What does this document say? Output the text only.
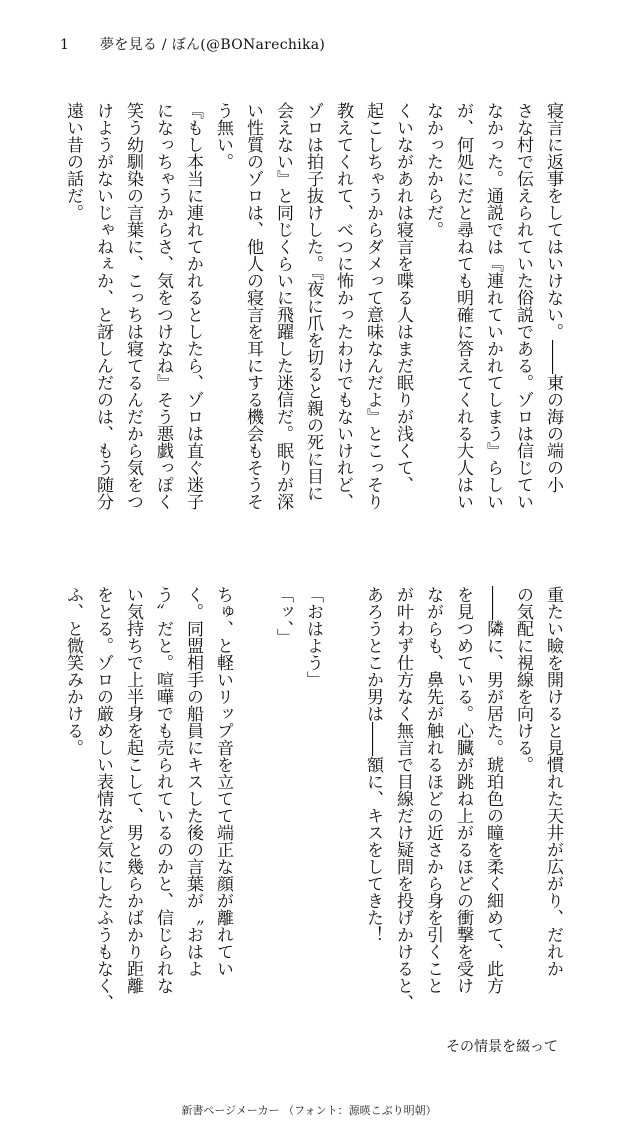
1 夢を見る / ぼん(@BONarechika)

寝言に返事をしてはいけない。――東の海の端の小

さな村で伝えられていた俗説である。ゾロは信じてい

なかった。通説では『連れていかれてしまう』らしい

が、何処にだと尋ねても明確に答えてくれる大人はい

なかったからだ。

くいながあれは寝言を喋る人はまだ眠りが浅くて、

起こしちゃうからダメって意味なんだよ』とこっそり

教えてくれて、べつに怖かったわけでもないけれど、

ゾロは拍子抜けした。『夜に爪を切ると親の死に目に

会えない』と同じくらいに飛躍した迷信だ。眠りが深

い性質のゾロは、他人の寝言を耳にする機会もそうそ

う無い。

『もし本当に連れてかれるとしたら、ゾロは直ぐ迷子

になっちゃうからさ、気をつけなね』そう悪戯っぽく

笑う幼馴染の言葉に、こっちは寝てるんだから気をつ

けようがないじゃねぇか、と訝しんだのは、もう随分

遠い昔の話だ。

重たい瞼を開けると見慣れた天井が広がり、だれか

の気配に視線を向ける。

――隣に、男が居た。琥珀色の瞳を柔く細めて、此方

を見つめている。心臓が跳ね上がるほどの衝撃を受け

ながらも、鼻先が触れるほどの近さから身を引くこと

が叶わず仕方なく無言で目線だけ疑問を投げかけると、

あろうとこか男は――額に、キスをしてきた！

「おはよう」

「ッ、」

ちゅ、と軽いリップ音を立てて端正な顔が離れてい

く。同盟相手の船員にキスした後の言葉が〝おはよ

う〟だと。喧嘩でも売られているのかと、信じられな

い気持ちで上半身を起こして、男と幾らかばかり距離

をとる。ゾロの厳めしい表情など気にしたふうもなく、

ふ、と微笑みかける。

その情景を綴って
新書ページメーカー （フォント：源暎こぶり明朝）
